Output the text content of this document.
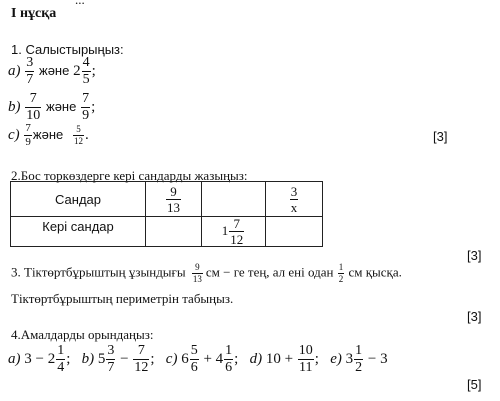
І нұсқа
1. Салыстырыңыз:
$a) \frac{3}{7}$ және $2 \frac{4}{5}$ ;
$b) \frac{7}{10}$ және $\frac{7}{9}$ ;
$c) \frac{7}{9}$ және $\frac{5}{12}$ .	[3]
2.Бос торкөздерге кері сандарды жазыңыз:
Сандар	$\frac{9}{13}$		$\frac{3}{x}$

Кері сандар		$1 \frac{7}{12}$

[3]
3. Тіктөртбұрыштың ұзындығы $\frac{9}{13}$ см − ге тең, ал ені одан $\frac{1}{2}$ см қысқа.
Тіктөртбұрыштың периметрін табыңыз.
[3]
4.Амалдарды орындаңыз:
a) $3 - 2 \frac{1}{4}$ ; b) $5 \frac{3}{7} - \frac{7}{12}$ ; c) $6 \frac{5}{6} + 4 \frac{1}{6}$ ; d) $10 + \frac{10}{11}$ ; e) $3 \frac{1}{2} - 3$
[5]
